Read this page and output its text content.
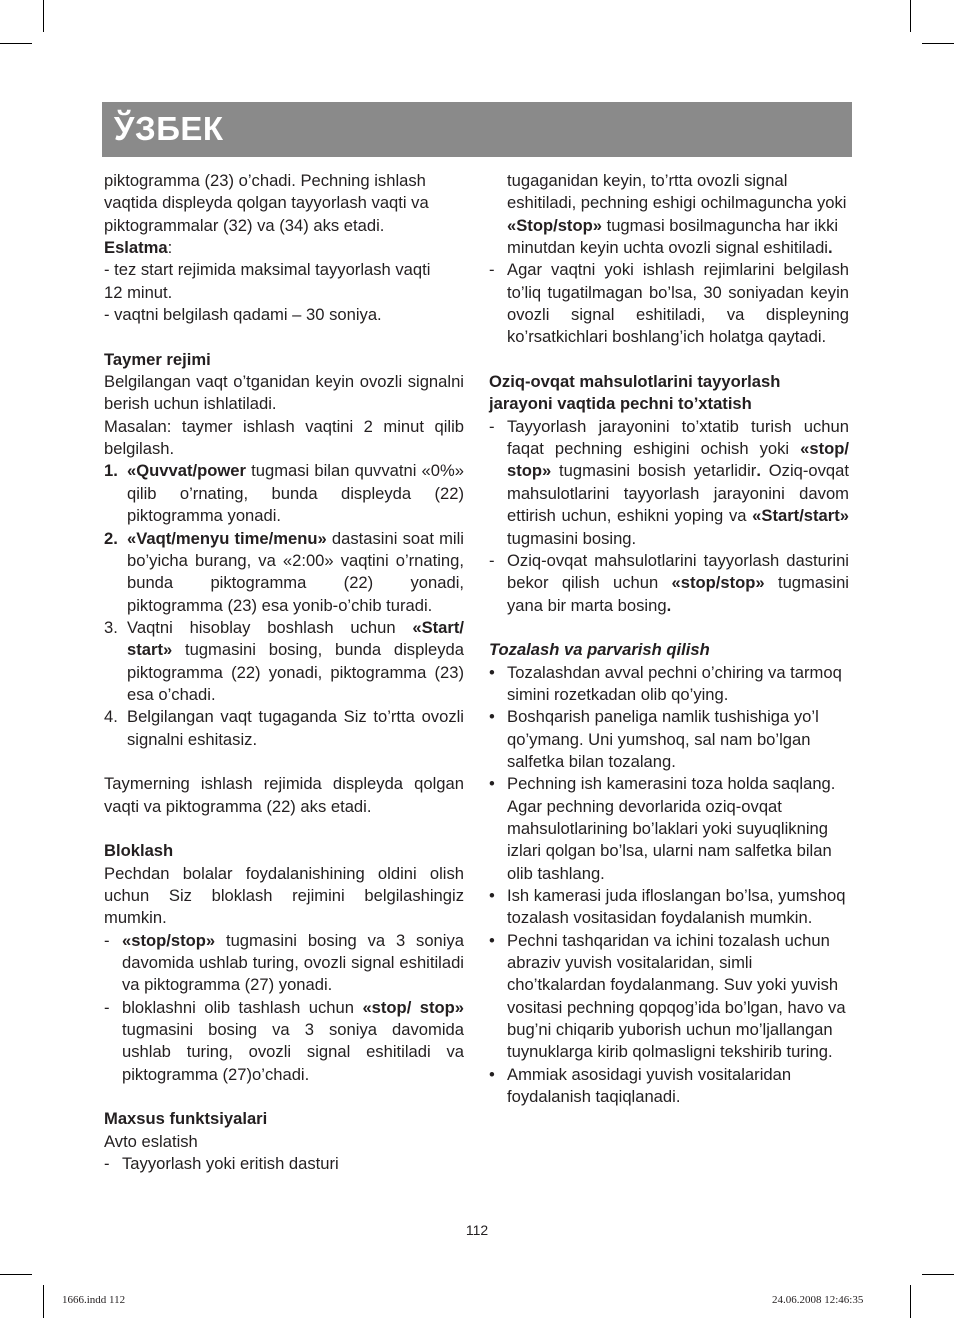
ЎЗБЕК
piktogramma (23) o’chadi. Pechning ishlash
vaqtida displeyda qolgan tayyorlash vaqti va
piktogrammalar (32) va (34) aks etadi.
Eslatma:
- tez start rejimida maksimal tayyorlash vaqti
12 minut.
- vaqtni belgilash qadami – 30 soniya.
Taymer rejimi
Belgilangan vaqt o’tganidan keyin ovozli signalni berish uchun ishlatiladi.
Masalan: taymer ishlash vaqtini 2 minut qilib belgilash.
1. «Quvvat/power tugmasi bilan quvvatni «0%» qilib o’rnating, bunda displeyda (22) piktogramma yonadi.
2. «Vaqt/menyu time/menu» dastasini soat mili bo’yicha burang, va «2:00» vaqtini o’rnating, bunda piktogramma (22) yonadi, piktogramma (23) esa yonib-o’chib turadi.
3. Vaqtni hisoblay boshlash uchun «Start/ start» tugmasini bosing, bunda displeyda piktogramma (22) yonadi, piktogramma (23) esa o’chadi.
4. Belgilangan vaqt tugaganda Siz to’rtta ovozli signalni eshitasiz.
Taymerning ishlash rejimida displeyda qolgan vaqti va piktogramma (22) aks etadi.
Bloklash
Pechdan bolalar foydalanishining oldini olish uchun Siz bloklash rejimini belgilashingiz mumkin.
- «stop/stop» tugmasini bosing va 3 soniya davomida ushlab turing, ovozli signal eshitiladi va piktogramma (27) yonadi.
- bloklashni olib tashlash uchun «stop/ stop» tugmasini bosing va 3 soniya davomida ushlab turing, ovozli signal eshitiladi va piktogramma (27)o’chadi.
Maxsus funktsiyalari
Avto eslatish
- Tayyorlash yoki eritish dasturi
tugaganidan keyin, to’rtta ovozli signal eshitiladi, pechning eshigi ochilmaguncha yoki «Stop/stop» tugmasi bosilmaguncha har ikki minutdan keyin uchta ovozli signal eshitiladi.
- Agar vaqtni yoki ishlash rejimlarini belgilash to’liq tugatilmagan bo’lsa, 30 soniyadan keyin ovozli signal eshitiladi, va displeyning ko’rsatkichlari boshlang’ich holatga qaytadi.
Oziq-ovqat mahsulotlarini tayyorlash
jarayoni vaqtida pechni to’xtatish
- Tayyorlash jarayonini to’xtatib turish uchun faqat pechning eshigini ochish yoki «stop/ stop» tugmasini bosish yetarlidir. Oziq-ovqat mahsulotlarini tayyorlash jarayonini davom ettirish uchun, eshikni yoping va «Start/start» tugmasini bosing.
- Oziq-ovqat mahsulotlarini tayyorlash dasturini bekor qilish uchun «stop/stop» tugmasini yana bir marta bosing.
Tozalash va parvarish qilish
• Tozalashdan avval pechni o’chiring va tarmoq simini rozetkadan olib qo’ying.
• Boshqarish paneliga namlik tushishiga yo’l qo’ymang. Uni yumshoq, sal nam bo’lgan salfetka bilan tozalang.
• Pechning ish kamerasini toza holda saqlang. Agar pechning devorlarida oziq-ovqat mahsulotlarining bo’laklari yoki suyuqlikning izlari qolgan bo’lsa, ularni nam salfetka bilan olib tashlang.
• Ish kamerasi juda ifloslangan bo’lsa, yumshoq tozalash vositasidan foydalanish mumkin.
• Pechni tashqaridan va ichini tozalash uchun abraziv yuvish vositalaridan, simli cho’tkalardan foydalanmang. Suv yoki yuvish vositasi pechning qopqog’ida bo’lgan, havo va bug’ni chiqarib yuborish uchun mo’ljallangan tuynuklarga kirib qolmasligni tekshirib turing.
• Ammiak asosidagi yuvish vositalaridan foydalanish taqiqlanadi.
112
1666.indd 112	24.06.2008 12:46:35
